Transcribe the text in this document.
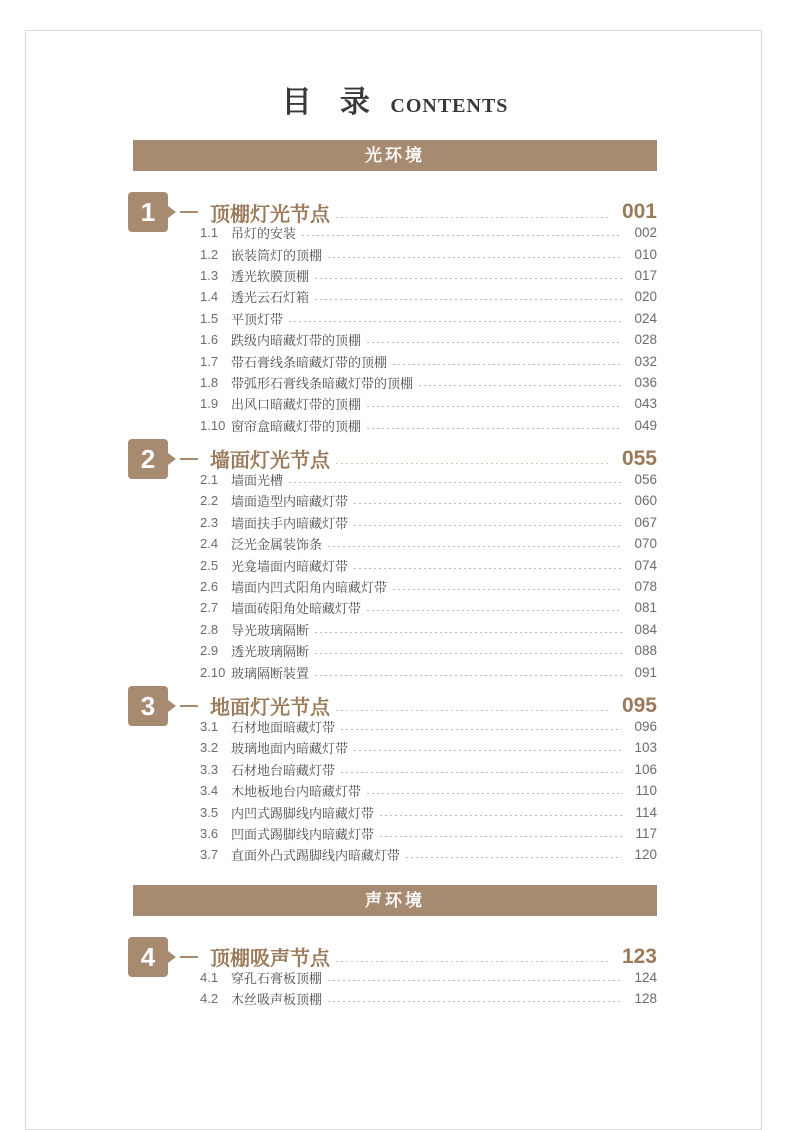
目 录 CONTENTS
光环境
1	顶棚灯光节点	001
1.1 吊灯的安装	002
1.2 嵌装筒灯的顶棚	010
1.3 透光软膜顶棚	017
1.4 透光云石灯箱	020
1.5 平顶灯带	024
1.6 跌级内暗藏灯带的顶棚	028
1.7 带石膏线条暗藏灯带的顶棚	032
1.8 带弧形石膏线条暗藏灯带的顶棚	036
1.9 出风口暗藏灯带的顶棚	043
1.10 窗帘盒暗藏灯带的顶棚	049
2	墙面灯光节点	055
2.1 墙面光槽	056
2.2 墙面造型内暗藏灯带	060
2.3 墙面扶手内暗藏灯带	067
2.4 泛光金属装饰条	070
2.5 光龛墙面内暗藏灯带	074
2.6 墙面内凹式阳角内暗藏灯带	078
2.7 墙面砖阳角处暗藏灯带	081
2.8 导光玻璃隔断	084
2.9 透光玻璃隔断	088
2.10 玻璃隔断装置	091
3	地面灯光节点	095
3.1 石材地面暗藏灯带	096
3.2 玻璃地面内暗藏灯带	103
3.3 石材地台暗藏灯带	106
3.4 木地板地台内暗藏灯带	110
3.5 内凹式踢脚线内暗藏灯带	114
3.6 凹面式踢脚线内暗藏灯带	117
3.7 直面外凸式踢脚线内暗藏灯带	120
声环境
4	顶棚吸声节点	123
4.1 穿孔石膏板顶棚	124
4.2 木丝吸声板顶棚	128
